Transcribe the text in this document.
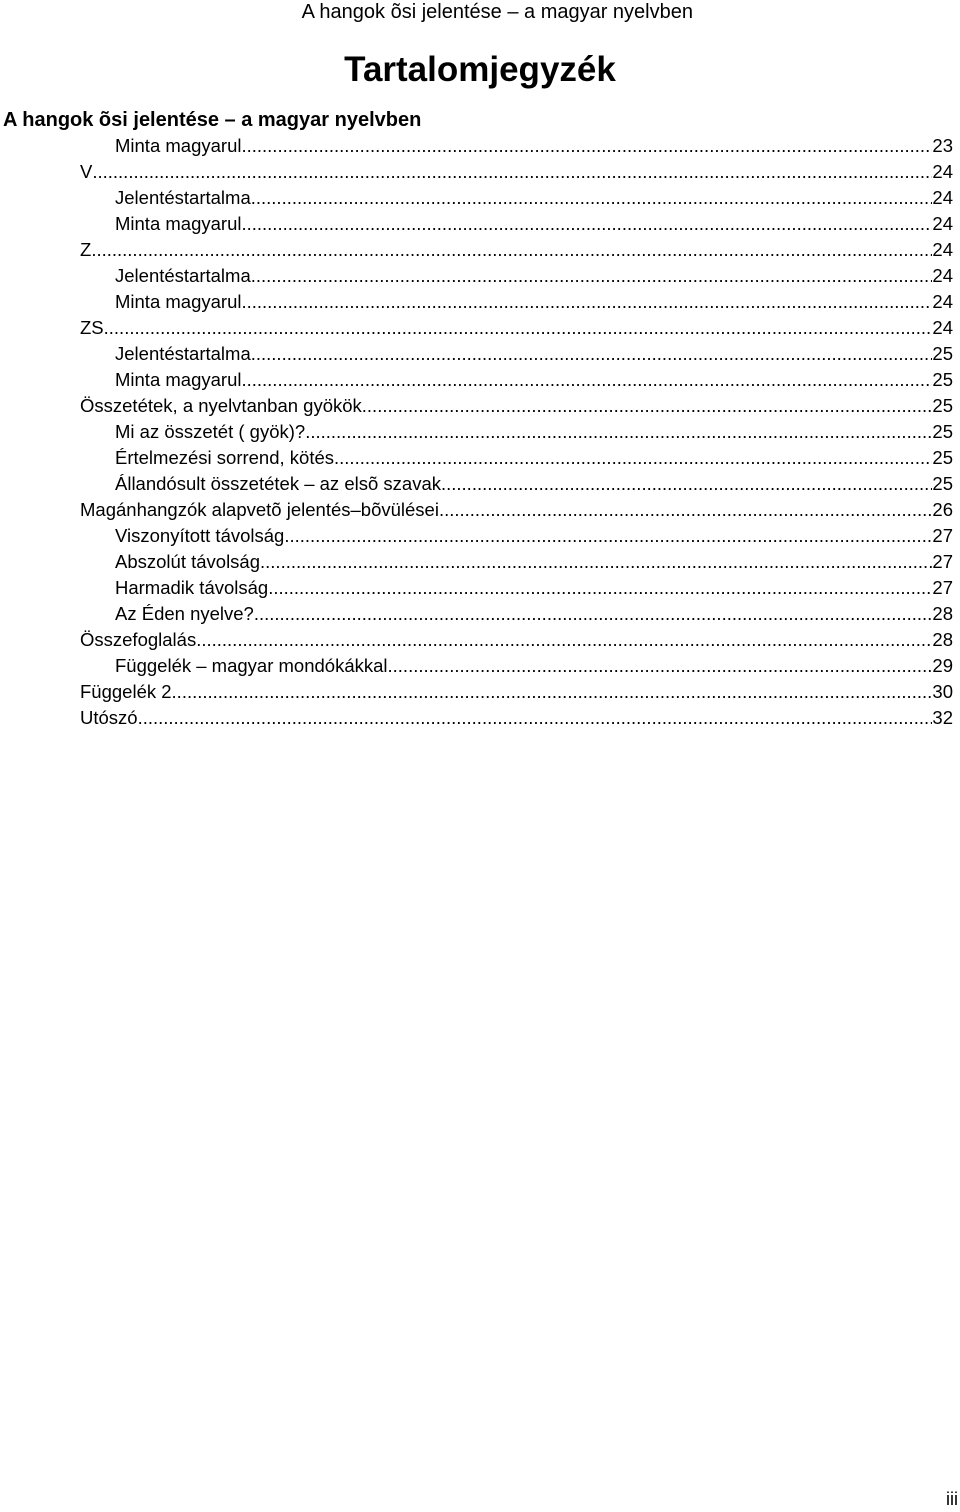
A hangok õsi jelentése – a magyar nyelvben
Tartalomjegyzék
A hangok õsi jelentése – a magyar nyelvben
Minta magyarul .....	23
V .....	24
Jelentéstartalma .....	24
Minta magyarul .....	24
Z .....	24
Jelentéstartalma .....	24
Minta magyarul .....	24
ZS .....	24
Jelentéstartalma .....	25
Minta magyarul .....	25
Összetétek, a nyelvtanban gyökök .....	25
Mi az összetét ( gyök)? .....	25
Értelmezési sorrend, kötés .....	25
Állandósult összetétek – az elsõ szavak .....	25
Magánhangzók alapvetõ jelentés–bõvülései .....	26
Viszonyított távolság .....	27
Abszolút távolság .....	27
Harmadik távolság .....	27
Az Éden nyelve? .....	28
Összefoglalás .....	28
Függelék – magyar mondókákkal .....	29
Függelék 2 .....	30
Utószó .....	32
iii
